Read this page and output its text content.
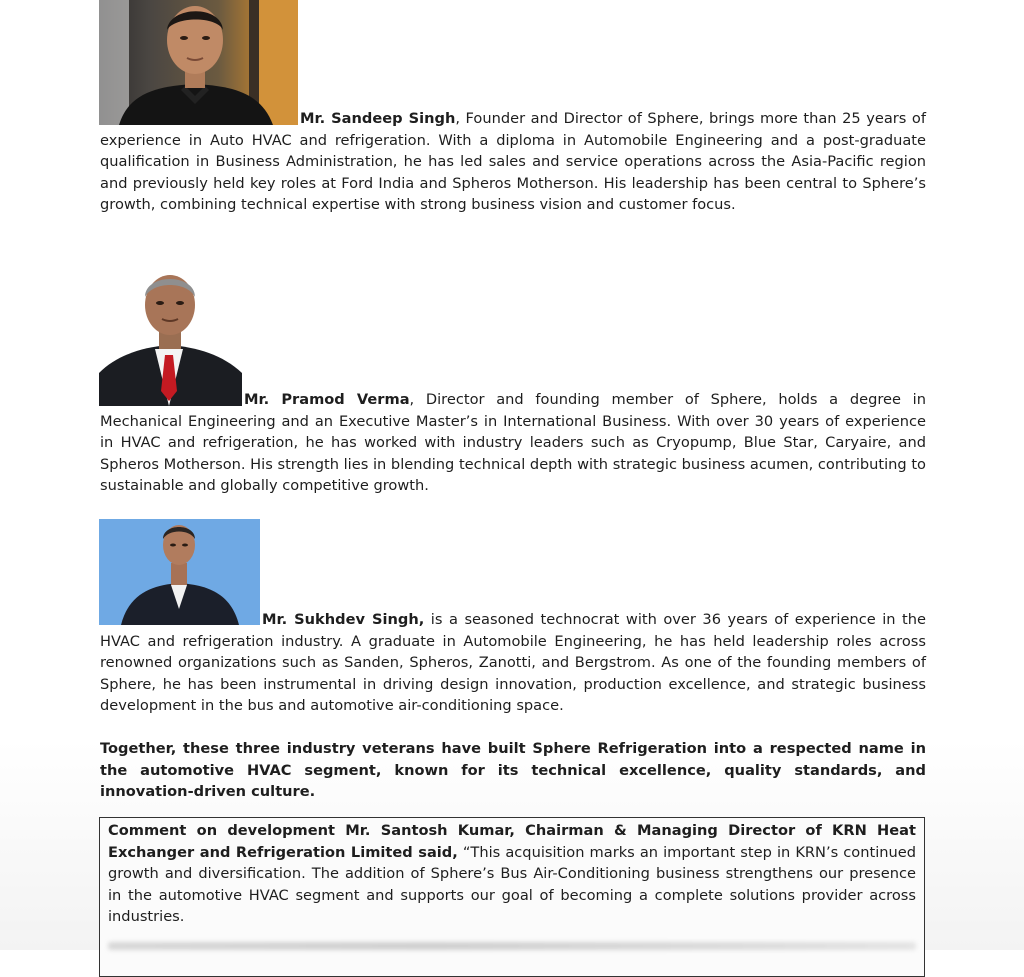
Mr. Sandeep Singh, Founder and Director of Sphere, brings more than 25 years of experience in Auto HVAC and refrigeration. With a diploma in Automobile Engineering and a post-graduate qualification in Business Administration, he has led sales and service operations across the Asia-Pacific region and previously held key roles at Ford India and Spheros Motherson. His leadership has been central to Sphere’s growth, combining technical expertise with strong business vision and customer focus.

Mr. Pramod Verma, Director and founding member of Sphere, holds a degree in Mechanical Engineering and an Executive Master’s in International Business. With over 30 years of experience in HVAC and refrigeration, he has worked with industry leaders such as Cryopump, Blue Star, Caryaire, and Spheros Motherson. His strength lies in blending technical depth with strategic business acumen, contributing to sustainable and globally competitive growth.

Mr. Sukhdev Singh, is a seasoned technocrat with over 36 years of experience in the HVAC and refrigeration industry. A graduate in Automobile Engineering, he has held leadership roles across renowned organizations such as Sanden, Spheros, Zanotti, and Bergstrom. As one of the founding members of Sphere, he has been instrumental in driving design innovation, production excellence, and strategic business development in the bus and automotive air-conditioning space.

Together, these three industry veterans have built Sphere Refrigeration into a respected name in the automotive HVAC segment, known for its technical excellence, quality standards, and innovation-driven culture.

Comment on development Mr. Santosh Kumar, Chairman & Managing Director of KRN Heat Exchanger and Refrigeration Limited said, “This acquisition marks an important step in KRN’s continued growth and diversification. The addition of Sphere’s Bus Air-Conditioning business strengthens our presence in the automotive HVAC segment and supports our goal of becoming a complete solutions provider across industries.
